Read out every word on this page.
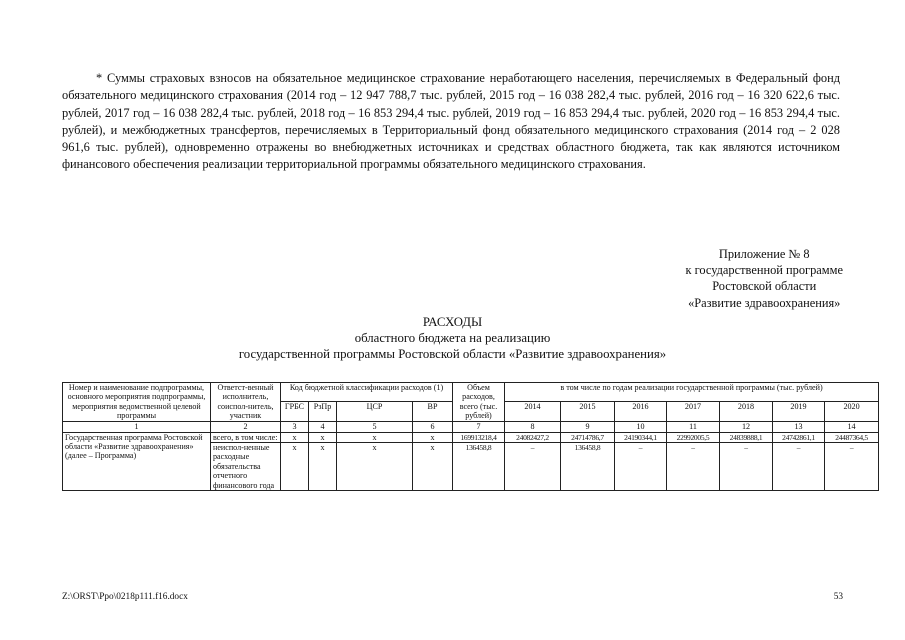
* Суммы страховых взносов на обязательное медицинское страхование неработающего населения, перечисляемых в Федеральный фонд обязательного медицинского страхования (2014 год – 12 947 788,7 тыс. рублей, 2015 год – 16 038 282,4 тыс. рублей, 2016 год – 16 320 622,6 тыс. рублей, 2017 год – 16 038 282,4 тыс. рублей, 2018 год – 16 853 294,4 тыс. рублей, 2019 год – 16 853 294,4 тыс. рублей, 2020 год – 16 853 294,4 тыс. рублей), и межбюджетных трансфертов, перечисляемых в Территориальный фонд обязательного медицинского страхования (2014 год – 2 028 961,6 тыс. рублей), одновременно отражены во внебюджетных источниках и средствах областного бюджета, так как являются источником финансового обеспечения реализации территориальной программы обязательного медицинского страхования.
Приложение № 8
к государственной программе
Ростовской области
«Развитие здравоохранения»
РАСХОДЫ
областного бюджета на реализацию
государственной программы Ростовской области «Развитие здравоохранения»
Номер и наименование подпрограммы, основного мероприятия подпрограммы, мероприятия ведомственной целевой программы	Ответст-венный исполнитель, соиспол-нитель, участник	Код бюджетной классификации расходов (1)				Объем расходов, всего (тыс. рублей)	в том числе по годам реализации государственной программы (тыс. рублей)						
		ГРБС	РзПр	ЦСР	ВР		2014	2015	2016	2017	2018	2019	2020
1	2	3	4	5	6	7	8	9	10	11	12	13	14
Государственная программа Ростовской области «Развитие здравоохранения» (далее – Программа)	всего, в том числе:	x	x	x	x	169913218,4	24082427,2	24714786,7	24190344,1	22992005,5	24839888,1	24742861,1	24487364,5
	неиспол-ненные расходные обязательства отчетного финансового года	x	x	x	x	136458,8	–	136458,8	–	–	–	–	–
Z:\ORST\Ppo\0218p111.f16.docx	53
